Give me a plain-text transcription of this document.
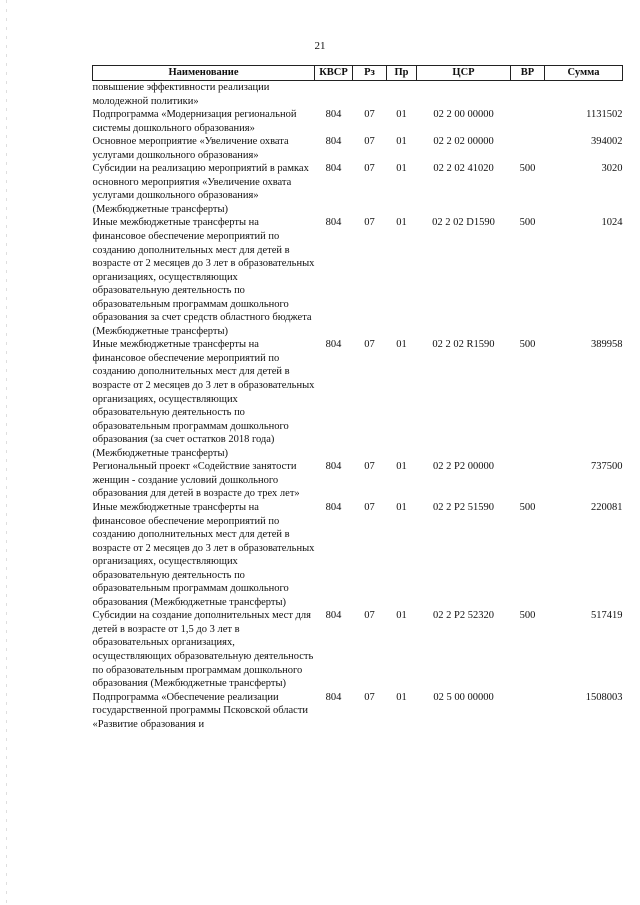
21
Наименование	КВСР	Рз	Пр	ЦСР	ВР	Сумма
повышение эффективности реализации молодежной политики»						
Подпрограмма «Модернизация региональной системы дошкольного образования»	804	07	01	02 2 00 00000		1131502
Основное мероприятие «Увеличение охвата услугами дошкольного образования»	804	07	01	02 2 02 00000		394002
Субсидии на реализацию мероприятий в рамках основного мероприятия «Увеличение охвата услугами дошкольного образования» (Межбюджетные трансферты)	804	07	01	02 2 02 41020	500	3020
Иные межбюджетные трансферты на финансовое обеспечение мероприятий по созданию дополнительных мест для детей в возрасте от 2 месяцев до 3 лет в образовательных организациях, осуществляющих образовательную деятельность по образовательным программам дошкольного образования за счет средств областного бюджета (Межбюджетные трансферты)	804	07	01	02 2 02 D1590	500	1024
Иные межбюджетные трансферты на финансовое обеспечение мероприятий по созданию дополнительных мест для детей в возрасте от 2 месяцев до 3 лет в образовательных организациях, осуществляющих образовательную деятельность по образовательным программам дошкольного образования (за счет остатков 2018 года) (Межбюджетные трансферты)	804	07	01	02 2 02 R1590	500	389958
Региональный проект «Содействие занятости женщин - создание условий дошкольного образования для детей в возрасте до трех лет»	804	07	01	02 2 P2 00000		737500
Иные межбюджетные трансферты на финансовое обеспечение мероприятий по созданию дополнительных мест для детей в возрасте от 2 месяцев до 3 лет в образовательных организациях, осуществляющих образовательную деятельность по образовательным программам дошкольного образования (Межбюджетные трансферты)	804	07	01	02 2 P2 51590	500	220081
Субсидии на создание дополнительных мест для детей в возрасте от 1,5 до 3 лет в образовательных организациях, осуществляющих образовательную деятельность по образовательным программам дошкольного образования (Межбюджетные трансферты)	804	07	01	02 2 P2 52320	500	517419
Подпрограмма «Обеспечение реализации государственной программы Псковской области «Развитие образования и	804	07	01	02 5 00 00000		1508003
